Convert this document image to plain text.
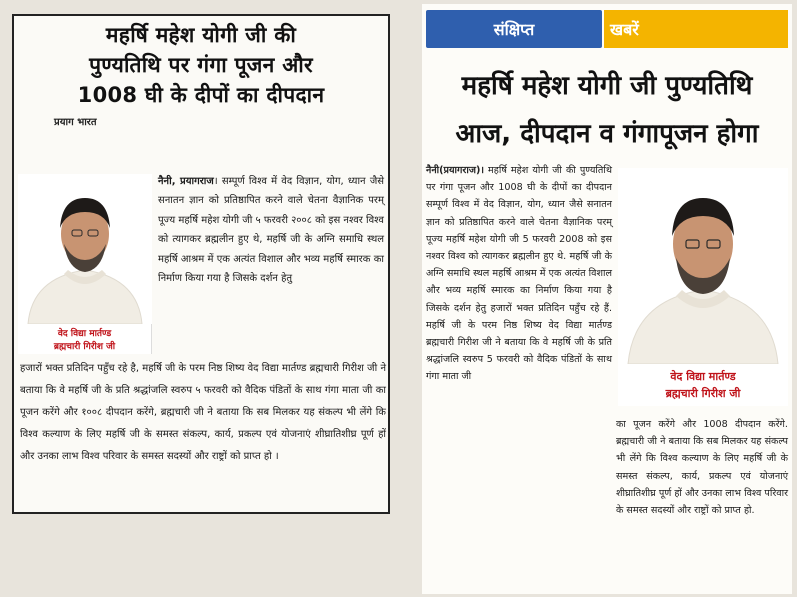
महर्षि महेश योगी जी की
पुण्यतिथि पर गंगा पूजन और
1008 घी के दीपों का दीपदान
प्रयाग भारत
वेद विद्या मार्तण्ड
ब्रह्मचारी गिरीश जी
नैनी, प्रयागराज। सम्पूर्ण विश्व में वेद विज्ञान, योग, ध्यान जैसे सनातन ज्ञान को प्रतिष्ठापित करने वाले चेतना वैज्ञानिक परम् पूज्य महर्षि महेश योगी जी ५ फरवरी २००८ को इस नश्वर विश्व को त्यागकर ब्रह्मलीन हुए थे, महर्षि जी के अग्नि समाधि स्थल महर्षि आश्रम में एक अत्यंत विशाल और भव्य महर्षि स्मारक का निर्माण किया गया है जिसके दर्शन हेतु
हजारों भक्त प्रतिदिन पहुँच रहे है, महर्षि जी के परम निष्ठ शिष्य वेद विद्या मार्तण्ड ब्रह्मचारी गिरीश जी ने बताया कि वे महर्षि जी के प्रति श्रद्धांजलि स्वरुप ५ फरवरी को वैदिक पंडितों के साथ गंगा माता जी का पूजन करेंगे और १००८ दीपदान करेंगे, ब्रह्मचारी जी ने बताया कि सब मिलकर यह संकल्प भी लेंगे कि विश्व कल्याण के लिए महर्षि जी के समस्त संकल्प, कार्य, प्रकल्प एवं योजनाएं शीघ्रातिशीघ्र पूर्ण हों और उनका लाभ विश्व परिवार के समस्त सदस्यों और राष्ट्रों को प्राप्त हो ।
संक्षिप्त	खबरें
महर्षि महेश योगी जी पुण्यतिथि
आज, दीपदान व गंगापूजन होगा
वेद विद्या मार्तण्ड
ब्रह्मचारी गिरीश जी
नैनी(प्रयागराज)। महर्षि महेश योगी जी की पुण्यतिथि पर गंगा पूजन और 1008 घी के दीपों का दीपदान सम्पूर्ण विश्व में वेद विज्ञान, योग, ध्यान जैसे सनातन ज्ञान को प्रतिष्ठापित करने वाले चेतना वैज्ञानिक परम् पूज्य महर्षि महेश योगी जी 5 फरवरी 2008 को इस नश्वर विश्व को त्यागकर ब्रह्मलीन हुए थे. महर्षि जी के अग्नि समाधि स्थल महर्षि आश्रम में एक अत्यंत विशाल और भव्य महर्षि स्मारक का निर्माण किया गया है जिसके दर्शन हेतु हजारों भक्त प्रतिदिन पहुँच रहे हैं. महर्षि जी के परम निष्ठ शिष्य वेद विद्या मार्तण्ड ब्रह्मचारी गिरीश जी ने बताया कि वे महर्षि जी के प्रति श्रद्धांजलि स्वरुप 5 फरवरी को वैदिक पंडितों के साथ गंगा माता जी
का पूजन करेंगे और 1008 दीपदान करेंगे. ब्रह्मचारी जी ने बताया कि सब मिलकर यह संकल्प भी लेंगे कि विश्व कल्याण के लिए महर्षि जी के समस्त संकल्प, कार्य, प्रकल्प एवं योजनाएं शीघ्रातिशीघ्र पूर्ण हों और उनका लाभ विश्व परिवार के समस्त सदस्यों और राष्ट्रों को प्राप्त हो.
